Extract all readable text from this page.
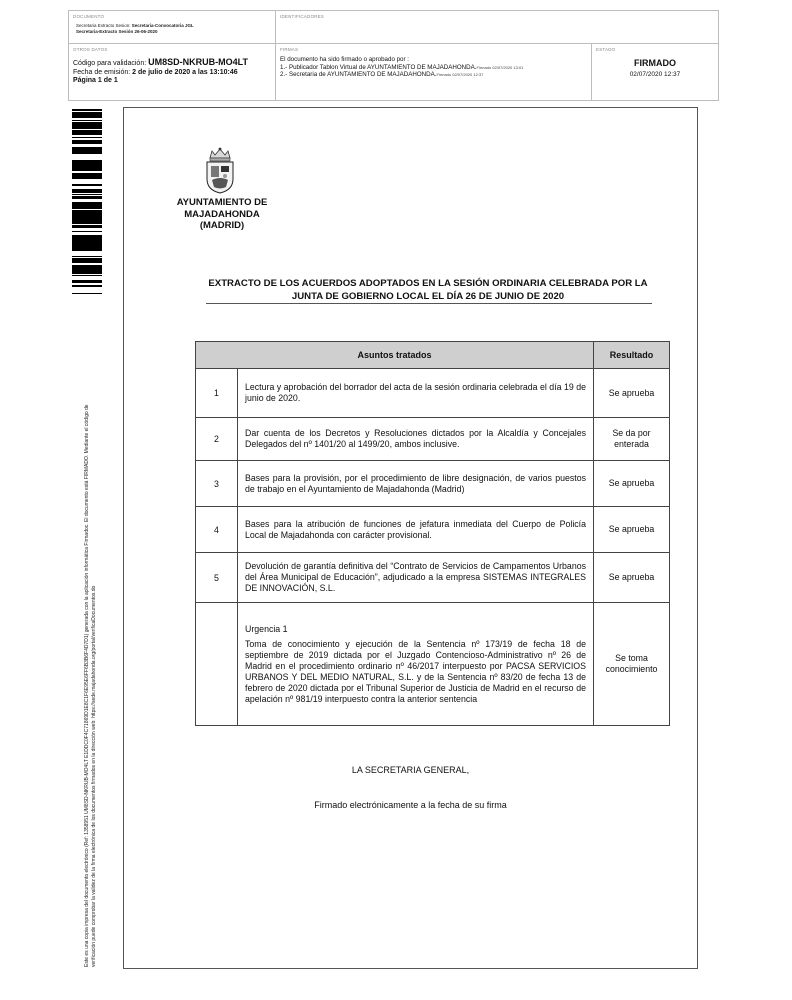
DOCUMENTO
Secretaria Extracto Sesion: Secretaria-Convocatoria JGL
Secretaria-Extracto Sesión 26-06-2020
IDENTIFICADORES
OTROS DATOS
Código para validación: UM8SD-NKRUB-MO4LT
Fecha de emisión: 2 de julio de 2020 a las 13:10:46
Página 1 de 1
FIRMAS
El documento ha sido firmado o aprobado por :
1.- Publicador Tablon Virtual de AYUNTAMIENTO DE MAJADAHONDA.Firmado 02/07/2020 13:01
2.- Secretaria de AYUNTAMIENTO DE MAJADAHONDA.Firmado 02/07/2020 12:37
ESTADO
FIRMADO
02/07/2020 12:37
Este es una copia impresa del documento electrónico (Ref: 1358951 UM8SD-NKRUB-MO4LT E1DDC0F4C71869D1E8C1F6E95E6FF6B3B6F4D7D1) generada con la aplicación informática Firmadoc. El documento está FIRMADO. Mediante el código de verificación puede comprobar la validez de la firma electrónica de los documentos firmados en la dirección web: https://sede.majadahonda.org/portal/verificaDocumentos.do
AYUNTAMIENTO DE
MAJADAHONDA
(MADRID)
EXTRACTO DE LOS ACUERDOS ADOPTADOS EN LA SESIÓN ORDINARIA CELEBRADA POR LA
JUNTA DE GOBIERNO LOCAL EL DÍA 26 DE JUNIO DE 2020
Asuntos tratados		Resultado
1	Lectura y aprobación del borrador del acta de la sesión ordinaria celebrada el día 19 de junio de 2020.	Se aprueba
2	Dar cuenta de los Decretos y Resoluciones dictados por la Alcaldía y Concejales Delegados del nº 1401/20 al 1499/20, ambos inclusive.	Se da por enterada
3	Bases para la provisión, por el procedimiento de libre designación, de varios puestos de trabajo en el Ayuntamiento de Majadahonda (Madrid)	Se aprueba
4	Bases para la atribución de funciones de jefatura inmediata del Cuerpo de Policía Local de Majadahonda con carácter provisional.	Se aprueba
5	Devolución de garantía definitiva del “Contrato de Servicios de Campamentos Urbanos del Área Municipal de Educación”, adjudicado a la empresa SISTEMAS INTEGRALES DE INNOVACIÓN, S.L.	Se aprueba

	Urgencia 1
Toma de conocimiento y ejecución de la Sentencia nº 173/19 de fecha 18 de septiembre de 2019 dictada por el Juzgado Contencioso-Administrativo nº 26 de Madrid en el procedimiento ordinario nº 46/2017 interpuesto por PACSA SERVICIOS URBANOS Y DEL MEDIO NATURAL, S.L. y de la Sentencia nº 83/20 de fecha 13 de febrero de 2020 dictada por el Tribunal Superior de Justicia de Madrid en el recurso de apelación nº 981/19 interpuesto contra la anterior sentencia	Se toma conocimiento
LA SECRETARIA GENERAL,
Firmado electrónicamente a la fecha de su firma
